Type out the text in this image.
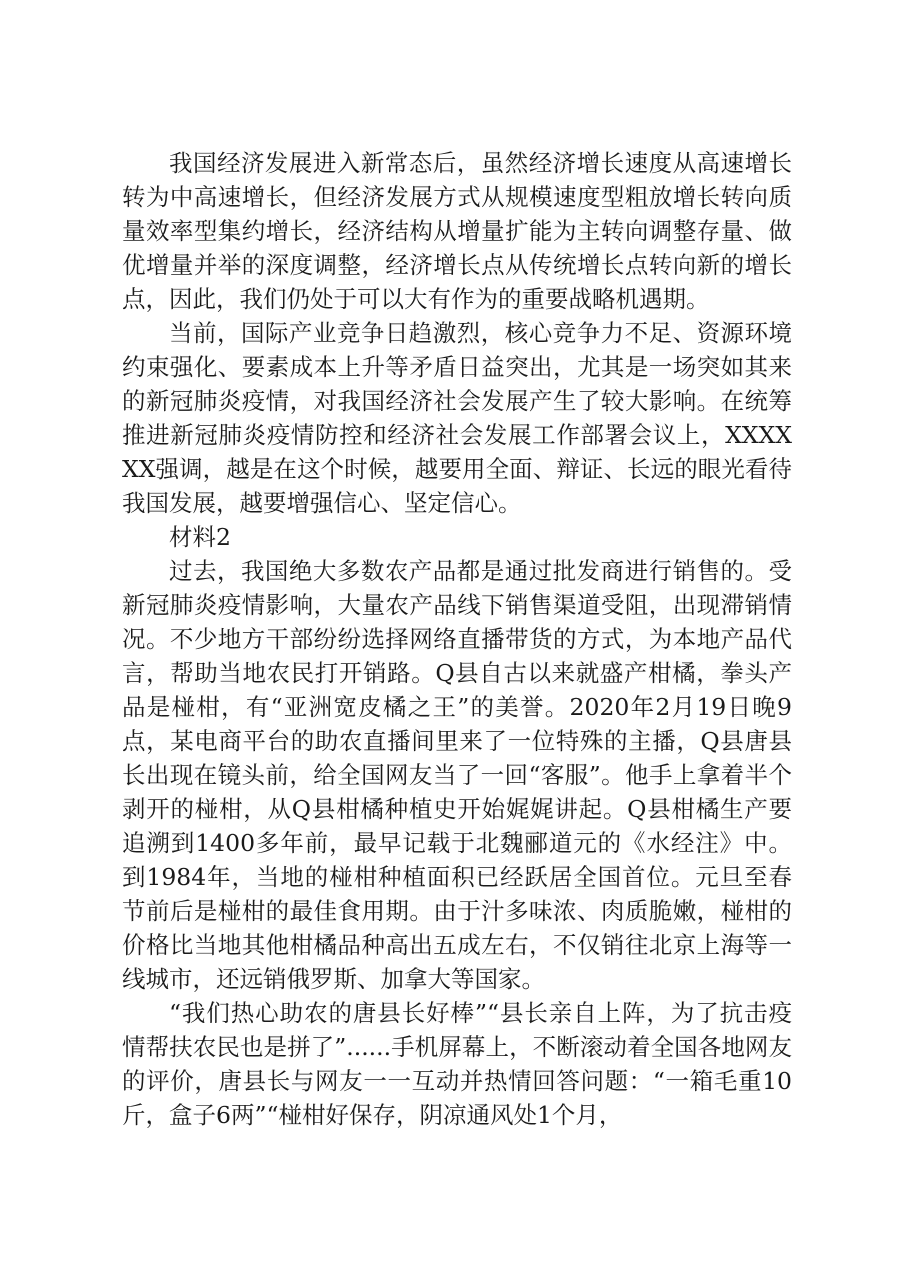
我国经济发展进入新常态后，虽然经济增长速度从高速增长转为中高速增长，但经济发展方式从规模速度型粗放增长转向质量效率型集约增长，经济结构从增量扩能为主转向调整存量、做优增量并举的深度调整，经济增长点从传统增长点转向新的增长点，因此，我们仍处于可以大有作为的重要战略机遇期。

当前，国际产业竞争日趋激烈，核心竞争力不足、资源环境约束强化、要素成本上升等矛盾日益突出，尤其是一场突如其来的新冠肺炎疫情，对我国经济社会发展产生了较大影响。在统筹推进新冠肺炎疫情防控和经济社会发展工作部署会议上，XXXXXX强调，越是在这个时候，越要用全面、辩证、长远的眼光看待我国发展，越要增强信心、坚定信心。

材料2

过去，我国绝大多数农产品都是通过批发商进行销售的。受新冠肺炎疫情影响，大量农产品线下销售渠道受阻，出现滞销情况。不少地方干部纷纷选择网络直播带货的方式，为本地产品代言，帮助当地农民打开销路。Q县自古以来就盛产柑橘，拳头产品是椪柑，有“亚洲宽皮橘之王”的美誉。2020年2月19日晚9点，某电商平台的助农直播间里来了一位特殊的主播，Q县唐县长出现在镜头前，给全国网友当了一回“客服”。他手上拿着半个剥开的椪柑，从Q县柑橘种植史开始娓娓讲起。Q县柑橘生产要追溯到1400多年前，最早记载于北魏郦道元的《水经注》中。到1984年，当地的椪柑种植面积已经跃居全国首位。元旦至春节前后是椪柑的最佳食用期。由于汁多味浓、肉质脆嫩，椪柑的价格比当地其他柑橘品种高出五成左右，不仅销往北京上海等一线城市，还远销俄罗斯、加拿大等国家。

“我们热心助农的唐县长好棒”“县长亲自上阵，为了抗击疫情帮扶农民也是拼了”......手机屏幕上，不断滚动着全国各地网友的评价，唐县长与网友一一互动并热情回答问题：“一箱毛重10斤，盒子6两”“椪柑好保存，阴凉通风处1个月，
